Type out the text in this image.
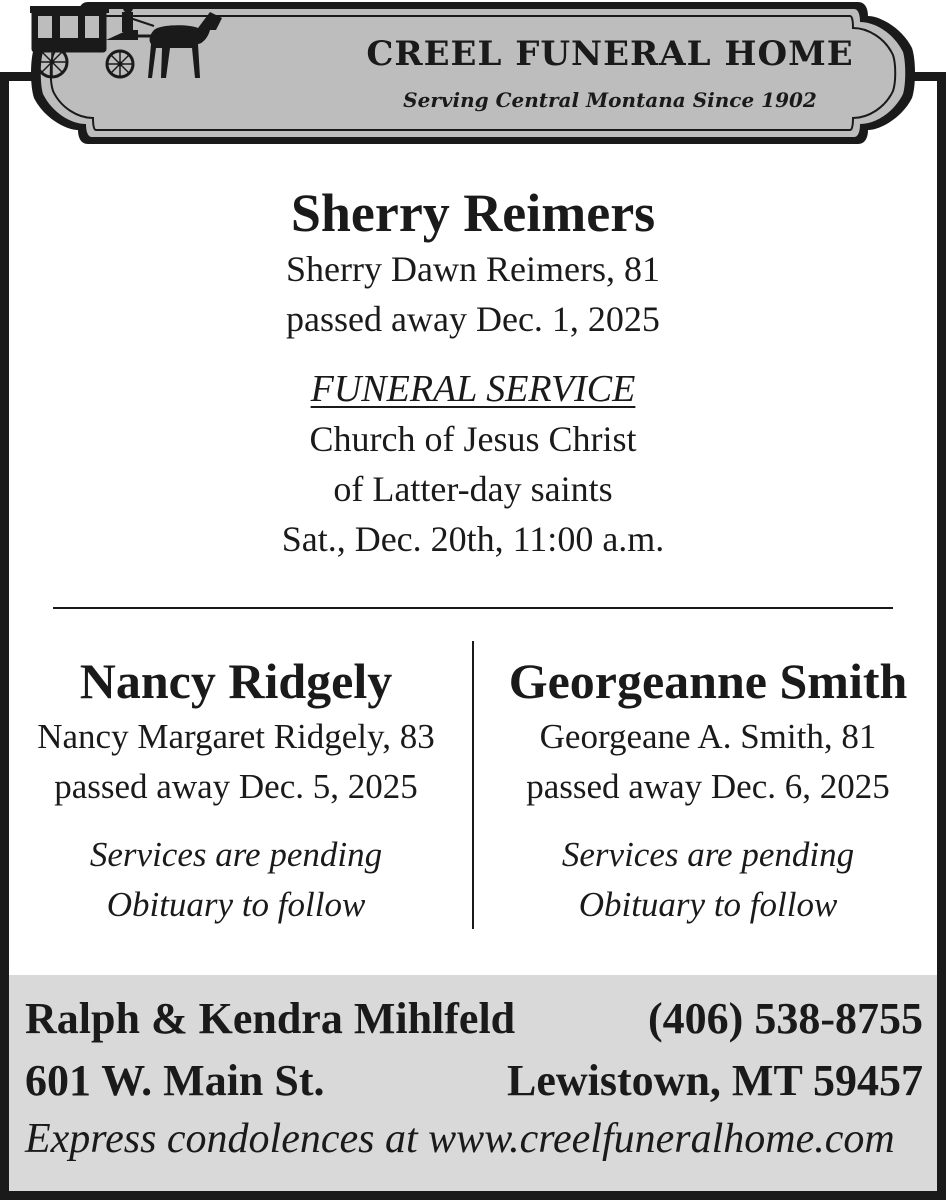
CREEL FUNERAL HOME
Serving Central Montana Since 1902
Sherry Reimers
Sherry Dawn Reimers, 81
passed away Dec. 1, 2025
FUNERAL SERVICE
Church of Jesus Christ
of Latter-day saints
Sat., Dec. 20th, 11:00 a.m.
Nancy Ridgely
Nancy Margaret Ridgely, 83
passed away Dec. 5, 2025
Services are pending
Obituary to follow
Georgeanne Smith
Georgeane A. Smith, 81
passed away Dec. 6, 2025
Services are pending
Obituary to follow
Ralph & Kendra Mihlfeld	(406) 538-8755
601 W. Main St.	Lewistown, MT 59457
Express condolences at www.creelfuneralhome.com
